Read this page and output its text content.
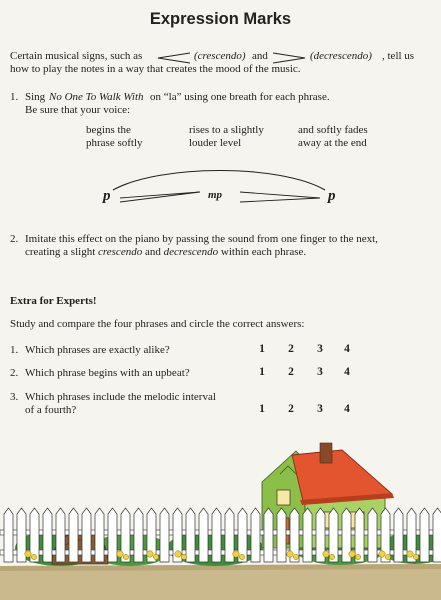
Expression Marks
Certain musical signs, such as	(crescendo) and	(decrescendo) , tell us
how to play the notes in a way that creates the mood of the music.
1. Sing No One To Walk With on “la” using one breath for each phrase.
Be sure that your voice:
begins the
phrase softly
rises to a slightly
louder level
and softly fades
away at the end
p	mp	p
2. Imitate this effect on the piano by passing the sound from one finger to the next,
creating a slight crescendo and decrescendo within each phrase.
Extra for Experts!
Study and compare the four phrases and circle the correct answers:
1. Which phrases are exactly alike?	1	2	3	4
2. Which phrase begins with an upbeat?	1	2	3	4
3. Which phrases include the melodic interval
of a fourth?	1	2	3	4
